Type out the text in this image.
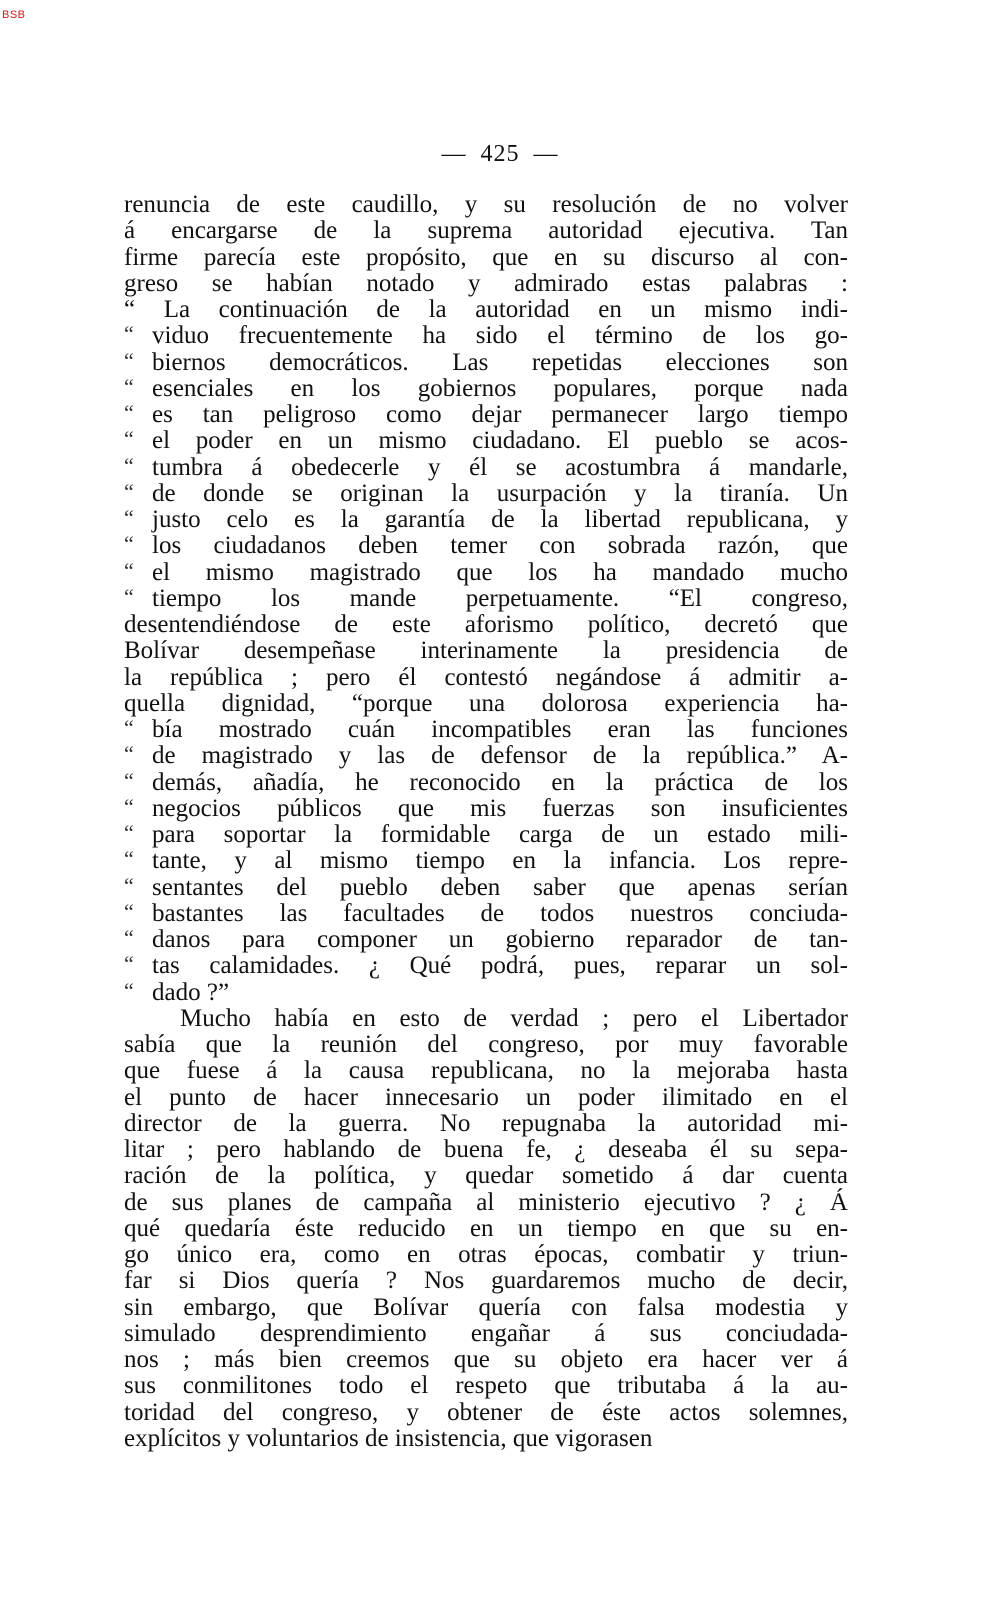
BSB
— 425 —
renuncia de este caudillo, y su resolución de no volver
á encargarse de la suprema autoridad ejecutiva. Tan
firme parecía este propósito, que en su discurso al con-
greso se habían notado y admirado estas palabras :
“ La continuación de la autoridad en un mismo indi-
“ viduo frecuentemente ha sido el término de los go-
“ biernos democráticos. Las repetidas elecciones son
“ esenciales en los gobiernos populares, porque nada
“ es tan peligroso como dejar permanecer largo tiempo
“ el poder en un mismo ciudadano. El pueblo se acos-
“ tumbra á obedecerle y él se acostumbra á mandarle,
“ de donde se originan la usurpación y la tiranía. Un
“ justo celo es la garantía de la libertad republicana, y
“ los ciudadanos deben temer con sobrada razón, que
“ el mismo magistrado que los ha mandado mucho
“ tiempo los mande perpetuamente. “El congreso,
desentendiéndose de este aforismo político, decretó que
Bolívar desempeñase interinamente la presidencia de
la república ; pero él contestó negándose á admitir a-
quella dignidad, “porque una dolorosa experiencia ha-
“ bía mostrado cuán incompatibles eran las funciones
“ de magistrado y las de defensor de la república.” A-
“ demás, añadía, he reconocido en la práctica de los
“ negocios públicos que mis fuerzas son insuficientes
“ para soportar la formidable carga de un estado mili-
“ tante, y al mismo tiempo en la infancia. Los repre-
“ sentantes del pueblo deben saber que apenas serían
“ bastantes las facultades de todos nuestros conciuda-
“ danos para componer un gobierno reparador de tan-
“ tas calamidades. ¿ Qué podrá, pues, reparar un sol-
“ dado ?”
Mucho había en esto de verdad ; pero el Libertador
sabía que la reunión del congreso, por muy favorable
que fuese á la causa republicana, no la mejoraba hasta
el punto de hacer innecesario un poder ilimitado en el
director de la guerra. No repugnaba la autoridad mi-
litar ; pero hablando de buena fe, ¿ deseaba él su sepa-
ración de la política, y quedar sometido á dar cuenta
de sus planes de campaña al ministerio ejecutivo ? ¿ Á
qué quedaría éste reducido en un tiempo en que su en-
go único era, como en otras épocas, combatir y triun-
far si Dios quería ? Nos guardaremos mucho de decir,
sin embargo, que Bolívar quería con falsa modestia y
simulado desprendimiento engañar á sus conciudada-
nos ; más bien creemos que su objeto era hacer ver á
sus conmilitones todo el respeto que tributaba á la au-
toridad del congreso, y obtener de éste actos solemnes,
explícitos y voluntarios de insistencia, que vigorasen
